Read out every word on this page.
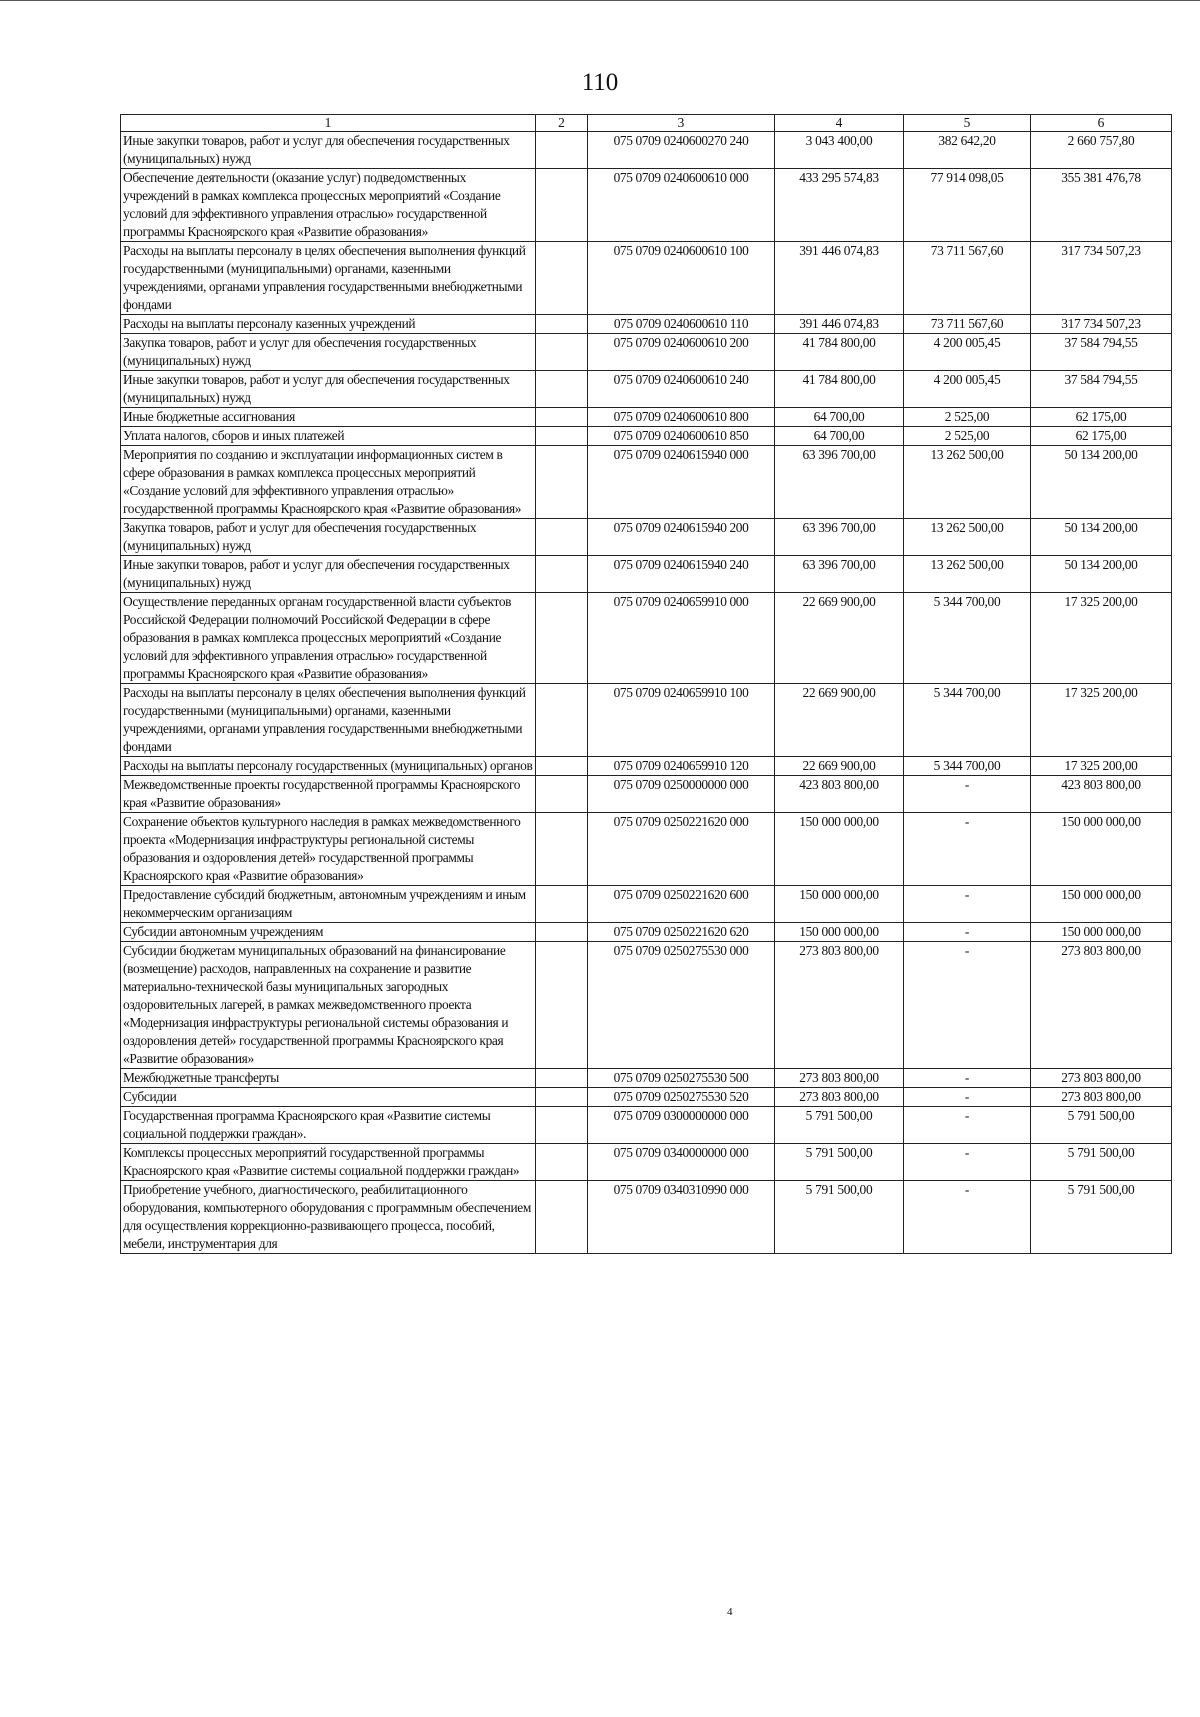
110
1	2	3	4	5	6
Иные закупки товаров, работ и услуг для обеспечения государственных (муниципальных) нужд		075 0709 0240600270 240	3 043 400,00	382 642,20	2 660 757,80
Обеспечение деятельности (оказание услуг) подведомственных учреждений в рамках комплекса процессных мероприятий «Создание условий для эффективного управления отраслью» государственной программы Красноярского края «Развитие образования»		075 0709 0240600610 000	433 295 574,83	77 914 098,05	355 381 476,78
Расходы на выплаты персоналу в целях обеспечения выполнения функций государственными (муниципальными) органами, казенными учреждениями, органами управления государственными внебюджетными фондами		075 0709 0240600610 100	391 446 074,83	73 711 567,60	317 734 507,23
Расходы на выплаты персоналу казенных учреждений		075 0709 0240600610 110	391 446 074,83	73 711 567,60	317 734 507,23
Закупка товаров, работ и услуг для обеспечения государственных (муниципальных) нужд		075 0709 0240600610 200	41 784 800,00	4 200 005,45	37 584 794,55
Иные закупки товаров, работ и услуг для обеспечения государственных (муниципальных) нужд		075 0709 0240600610 240	41 784 800,00	4 200 005,45	37 584 794,55
Иные бюджетные ассигнования		075 0709 0240600610 800	64 700,00	2 525,00	62 175,00
Уплата налогов, сборов и иных платежей		075 0709 0240600610 850	64 700,00	2 525,00	62 175,00
Мероприятия по созданию и эксплуатации информационных систем в сфере образования в рамках комплекса процессных мероприятий «Создание условий для эффективного управления отраслью» государственной программы Красноярского края «Развитие образования»		075 0709 0240615940 000	63 396 700,00	13 262 500,00	50 134 200,00
Закупка товаров, работ и услуг для обеспечения государственных (муниципальных) нужд		075 0709 0240615940 200	63 396 700,00	13 262 500,00	50 134 200,00
Иные закупки товаров, работ и услуг для обеспечения государственных (муниципальных) нужд		075 0709 0240615940 240	63 396 700,00	13 262 500,00	50 134 200,00
Осуществление переданных органам государственной власти субъектов Российской Федерации полномочий Российской Федерации в сфере образования в рамках комплекса процессных мероприятий «Создание условий для эффективного управления отраслью» государственной программы Красноярского края «Развитие образования»		075 0709 0240659910 000	22 669 900,00	5 344 700,00	17 325 200,00
Расходы на выплаты персоналу в целях обеспечения выполнения функций государственными (муниципальными) органами, казенными учреждениями, органами управления государственными внебюджетными фондами		075 0709 0240659910 100	22 669 900,00	5 344 700,00	17 325 200,00
Расходы на выплаты персоналу государственных (муниципальных) органов		075 0709 0240659910 120	22 669 900,00	5 344 700,00	17 325 200,00
Межведомственные проекты государственной программы Красноярского края «Развитие образования»		075 0709 0250000000 000	423 803 800,00	-	423 803 800,00
Сохранение объектов культурного наследия в рамках межведомственного проекта «Модернизация инфраструктуры региональной системы образования и оздоровления детей» государственной программы Красноярского края «Развитие образования»		075 0709 0250221620 000	150 000 000,00	-	150 000 000,00
Предоставление субсидий бюджетным, автономным учреждениям и иным некоммерческим организациям		075 0709 0250221620 600	150 000 000,00	-	150 000 000,00
Субсидии автономным учреждениям		075 0709 0250221620 620	150 000 000,00	-	150 000 000,00
Субсидии бюджетам муниципальных образований на финансирование (возмещение) расходов, направленных на сохранение и развитие материально-технической базы муниципальных загородных оздоровительных лагерей, в рамках межведомственного проекта «Модернизация инфраструктуры региональной системы образования и оздоровления детей» государственной программы Красноярского края «Развитие образования»		075 0709 0250275530 000	273 803 800,00	-	273 803 800,00
Межбюджетные трансферты		075 0709 0250275530 500	273 803 800,00	-	273 803 800,00
Субсидии		075 0709 0250275530 520	273 803 800,00	-	273 803 800,00
Государственная программа Красноярского края «Развитие системы социальной поддержки граждан».		075 0709 0300000000 000	5 791 500,00	-	5 791 500,00
Комплексы процессных мероприятий государственной программы Красноярского края «Развитие системы социальной поддержки граждан»		075 0709 0340000000 000	5 791 500,00	-	5 791 500,00
Приобретение учебного, диагностического, реабилитационного оборудования, компьютерного оборудования с программным обеспечением для осуществления коррекционно-развивающего процесса, пособий, мебели, инструментария для		075 0709 0340310990 000	5 791 500,00	-	5 791 500,00
4
